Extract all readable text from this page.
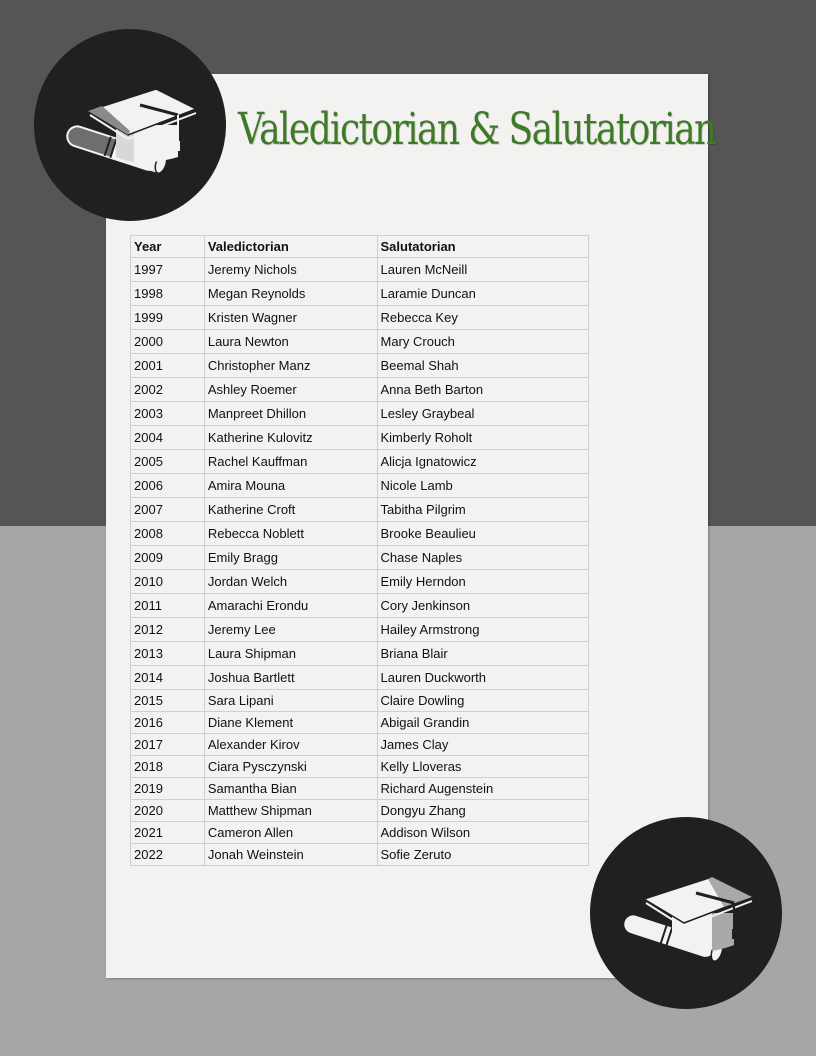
Valedictorian & Salutatorian
Year	Valedictorian	Salutatorian
1997	Jeremy Nichols	Lauren McNeill
1998	Megan Reynolds	Laramie Duncan
1999	Kristen Wagner	Rebecca Key
2000	Laura Newton	Mary Crouch
2001	Christopher Manz	Beemal Shah
2002	Ashley Roemer	Anna Beth Barton
2003	Manpreet Dhillon	Lesley Graybeal
2004	Katherine Kulovitz	Kimberly Roholt
2005	Rachel Kauffman	Alicja Ignatowicz
2006	Amira Mouna	Nicole Lamb
2007	Katherine Croft	Tabitha Pilgrim
2008	Rebecca Noblett	Brooke Beaulieu
2009	Emily Bragg	Chase Naples
2010	Jordan Welch	Emily Herndon
2011	Amarachi Erondu	Cory Jenkinson
2012	Jeremy Lee	Hailey Armstrong
2013	Laura Shipman	Briana Blair
2014	Joshua Bartlett	Lauren Duckworth
2015	Sara Lipani	Claire Dowling
2016	Diane Klement	Abigail Grandin
2017	Alexander Kirov	James Clay
2018	Ciara Pysczynski	Kelly Lloveras
2019	Samantha Bian	Richard Augenstein
2020	Matthew Shipman	Dongyu Zhang
2021	Cameron Allen	Addison Wilson
2022	Jonah Weinstein	Sofie Zeruto
